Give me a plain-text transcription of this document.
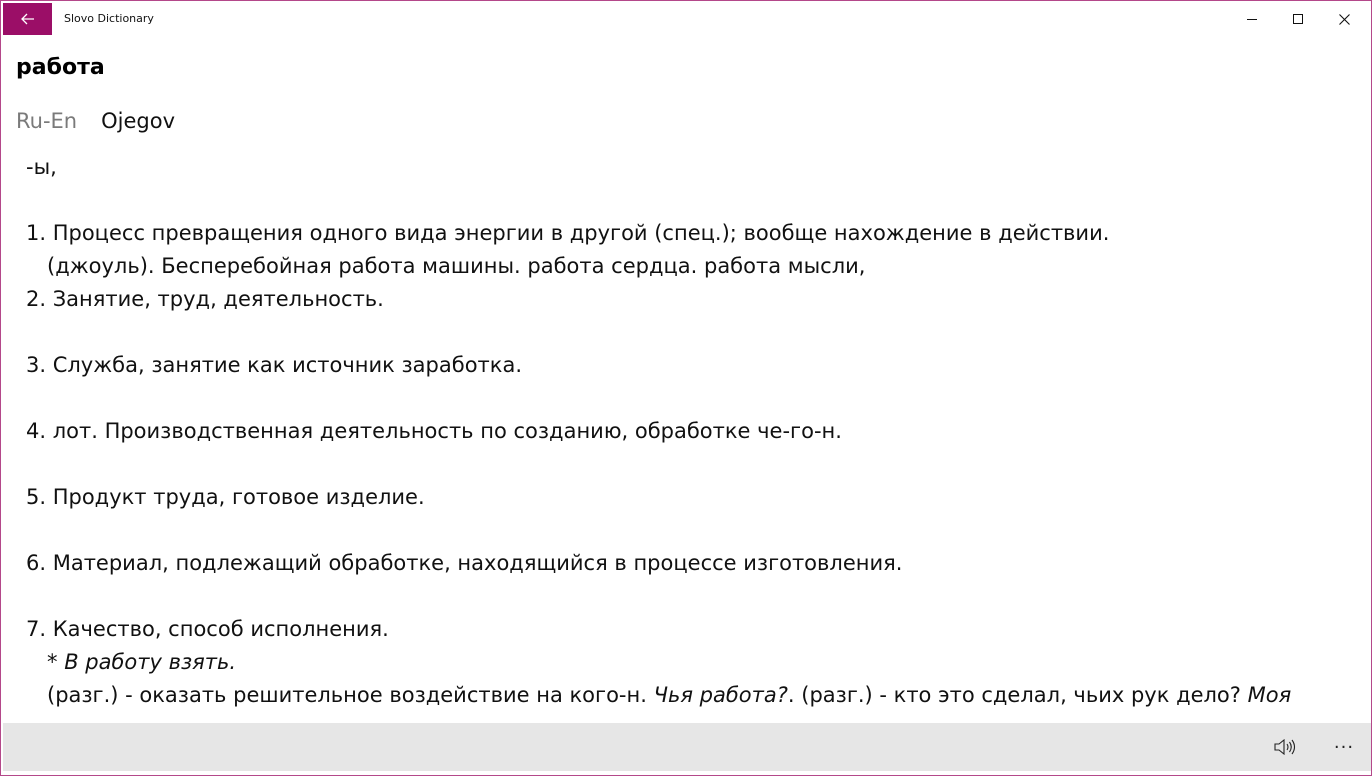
Slovo Dictionary
работа
Ru-En Ojegov
-ы,
1. Процесс превращения одного вида энергии в другой (спец.); вообще нахождение в действии.
(джоуль). Бесперебойная работа машины. работа сердца. работа мысли,
2. Занятие, труд, деятельность.
3. Служба, занятие как источник заработка.
4. лот. Производственная деятельность по созданию, обработке че-го-н.
5. Продукт труда, готовое изделие.
6. Материал, подлежащий обработке, находящийся в процессе изготовления.
7. Качество, способ исполнения.
* В работу взять.
(разг.) - оказать решительное воздействие на кого-н. Чья работа?. (разг.) - кто это сделал, чьих рук дело? Моя
···
